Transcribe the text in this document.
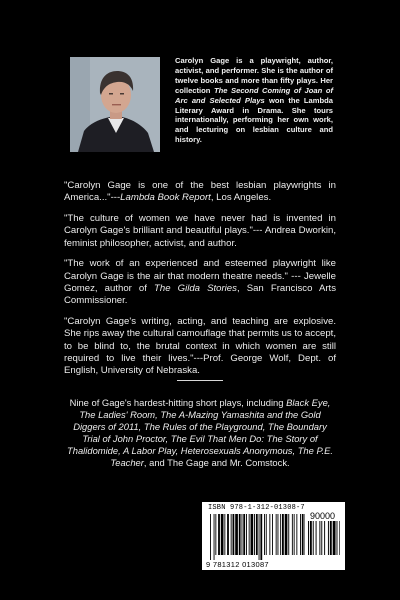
Carolyn Gage is a playwright, author, activist, and performer. She is the author of twelve books and more than fifty plays. Her collection The Second Coming of Joan of Arc and Selected Plays won the Lambda Literary Award in Drama. She tours internationally, performing her own work, and lecturing on lesbian culture and history.

"Carolyn Gage is one of the best lesbian playwrights in America..."---Lambda Book Report, Los Angeles.

"The culture of women we have never had is invented in Carolyn Gage's brilliant and beautiful plays."--- Andrea Dworkin, feminist philosopher, activist, and author.

"The work of an experienced and esteemed playwright like Carolyn Gage is the air that modern theatre needs." --- Jewelle Gomez, author of The Gilda Stories, San Francisco Arts Commissioner.

"Carolyn Gage's writing, acting, and teaching are explosive. She rips away the cultural camouflage that permits us to accept, to be blind to, the brutal context in which women are still required to live their lives."---Prof. George Wolf, Dept. of English, University of Nebraska.

Nine of Gage's hardest-hitting short plays, including Black Eye, The Ladies' Room, The A-Mazing Yamashita and the Gold Diggers of 2011, The Rules of the Playground, The Boundary Trial of John Proctor, The Evil That Men Do: The Story of Thalidomide, A Labor Play, Heterosexuals Anonymous, The P.E. Teacher, and The Gage and Mr. Comstock.
ISBN 978-1-312-01308-7
90000
9 781312 013087
